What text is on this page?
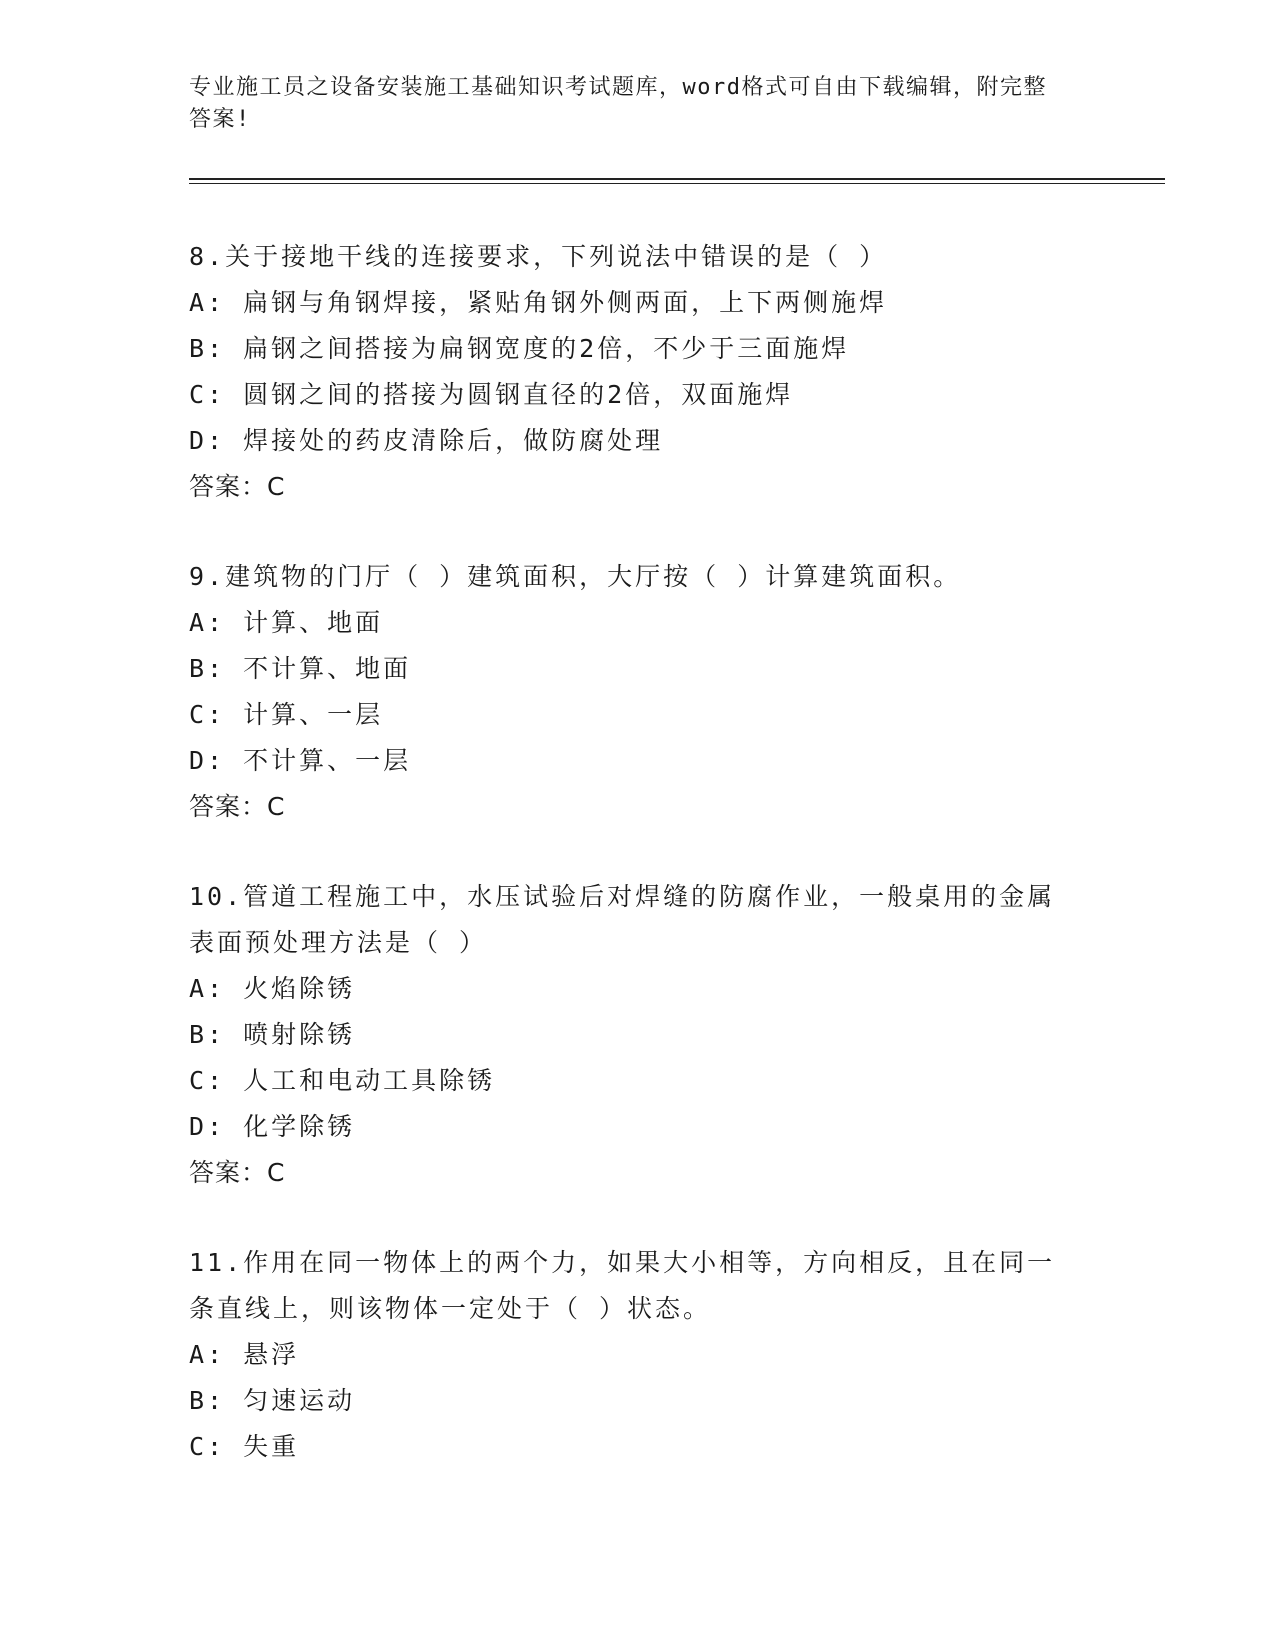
专业施工员之设备安装施工基础知识考试题库，word格式可自由下载编辑，附完整答案!
8.关于接地干线的连接要求，下列说法中错误的是（ ）
A: 扁钢与角钢焊接，紧贴角钢外侧两面，上下两侧施焊
B: 扁钢之间搭接为扁钢宽度的2倍，不少于三面施焊
C: 圆钢之间的搭接为圆钢直径的2倍，双面施焊
D: 焊接处的药皮清除后，做防腐处理
答案：C
9.建筑物的门厅（ ）建筑面积，大厅按（ ）计算建筑面积。
A: 计算、地面
B: 不计算、地面
C: 计算、一层
D: 不计算、一层
答案：C
10.管道工程施工中，水压试验后对焊缝的防腐作业，一般桌用的金属表面预处理方法是（ ）
A: 火焰除锈
B: 喷射除锈
C: 人工和电动工具除锈
D: 化学除锈
答案：C
11.作用在同一物体上的两个力，如果大小相等，方向相反，且在同一条直线上，则该物体一定处于（ ）状态。
A: 悬浮
B: 匀速运动
C: 失重
